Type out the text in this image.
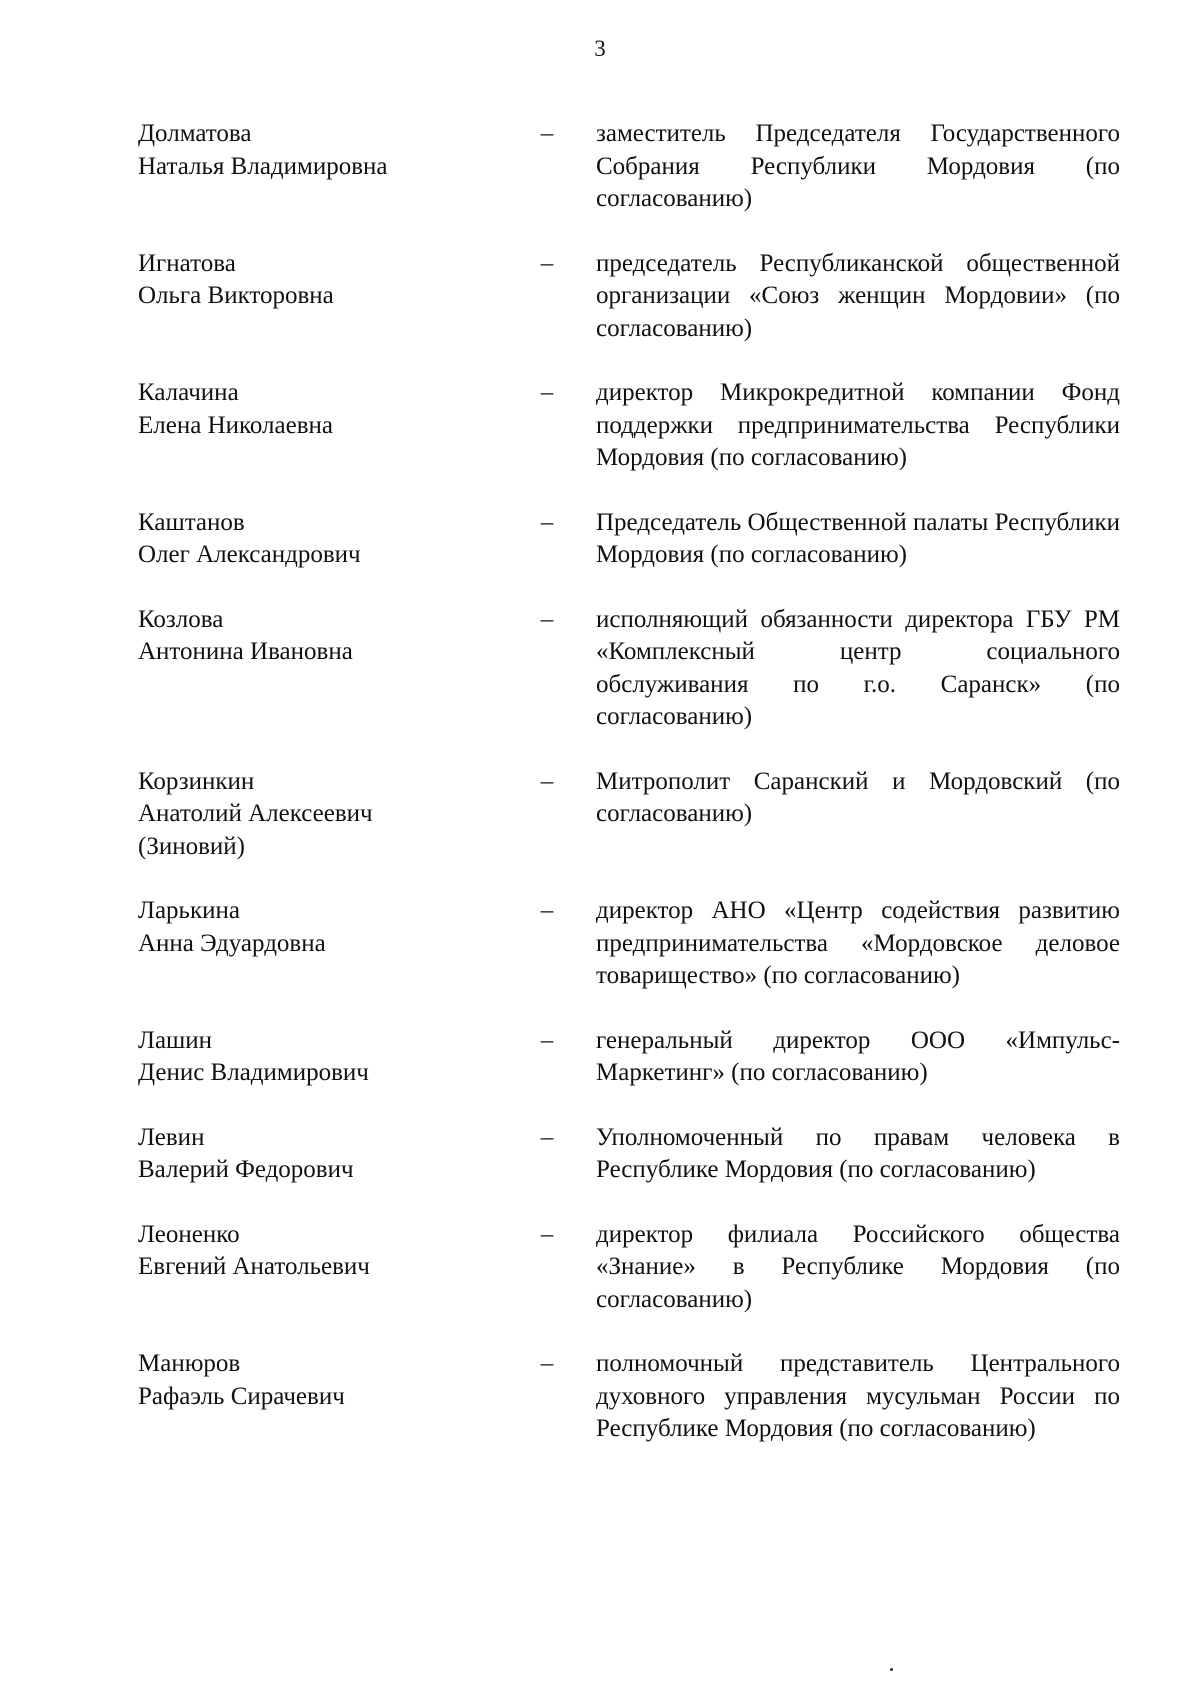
3
Долматова
Наталья Владимировна
–	заместитель Председателя Государственного Собрания Республики Мордовия (по согласованию)
Игнатова
Ольга Викторовна
–	председатель Республиканской общественной организации «Союз женщин Мордовии» (по согласованию)
Калачина
Елена Николаевна
–	директор Микрокредитной компании Фонд поддержки предпринимательства Республики Мордовия (по согласованию)
Каштанов
Олег Александрович
–	Председатель Общественной палаты Республики Мордовия (по согласованию)
Козлова
Антонина Ивановна
–	исполняющий обязанности директора ГБУ РМ «Комплексный центр социального обслуживания по г.о. Саранск» (по согласованию)
Корзинкин
Анатолий Алексеевич
(Зиновий)
–	Митрополит Саранский и Мордовский (по согласованию)
Ларькина
Анна Эдуардовна
–	директор АНО «Центр содействия развитию предпринимательства «Мордовское деловое товарищество» (по согласованию)
Лашин
Денис Владимирович
–	генеральный директор ООО «Импульс-Маркетинг» (по согласованию)
Левин
Валерий Федорович
–	Уполномоченный по правам человека в Республике Мордовия (по согласованию)
Леоненко
Евгений Анатольевич
–	директор филиала Российского общества «Знание» в Республике Мордовия (по согласованию)
Манюров
Рафаэль Сирачевич
–	полномочный представитель Центрального духовного управления мусульман России по Республике Мордовия (по согласованию)
